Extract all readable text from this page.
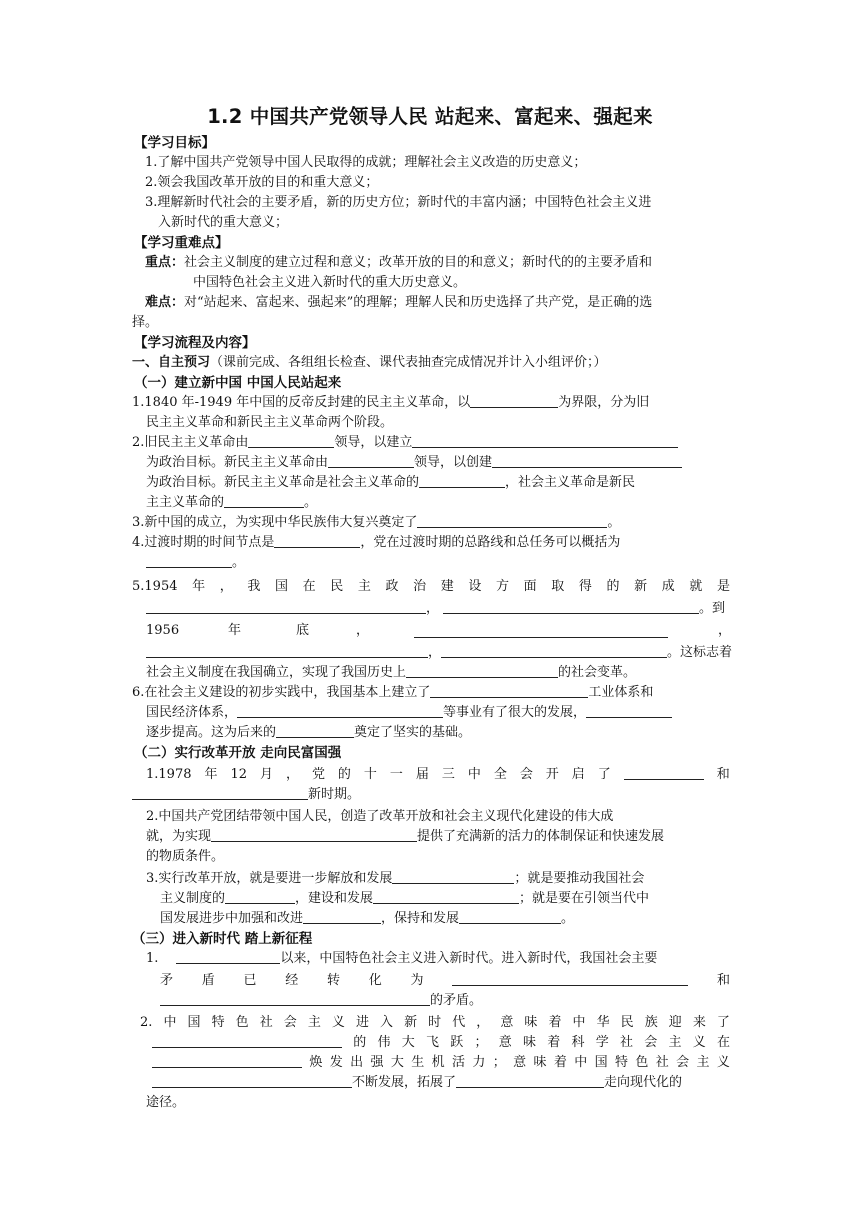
1.2 中国共产党领导人民 站起来、富起来、强起来
【学习目标】
1.了解中国共产党领导中国人民取得的成就；理解社会主义改造的历史意义；
2.领会我国改革开放的目的和重大意义；
3.理解新时代社会的主要矛盾，新的历史方位；新时代的丰富内涵；中国特色社会主义进
入新时代的重大意义；
【学习重难点】
重点：社会主义制度的建立过程和意义；改革开放的目的和意义；新时代的的主要矛盾和
中国特色社会主义进入新时代的重大历史意义。
难点：对“站起来、富起来、强起来”的理解；理解人民和历史选择了共产党，是正确的选
择。
【学习流程及内容】
一、自主预习（课前完成、各组组长检查、课代表抽查完成情况并计入小组评价；）
（一）建立新中国 中国人民站起来
1.1840 年-1949 年中国的反帝反封建的民主主义革命，以	为界限，分为旧
民主主义革命和新民主主义革命两个阶段。
2.旧民主主义革命由	领导，以建立
为政治目标。新民主主义革命由	领导，以创建
为政治目标。新民主主义革命是社会主义革命的	，社会主义革命是新民
主主义革命的	。
3.新中国的成立，为实现中华民族伟大复兴奠定了	。
4.过渡时期的时间节点是	，党在过渡时期的总路线和总任务可以概括为
。
5.1954 年 ， 我 国 在 民 主 政 治 建 设 方 面 取 得 的 新 成 就 是
，	。到
1956	年	底	，	，
，	。这标志着
社会主义制度在我国确立，实现了我国历史上	的社会变革。
6.在社会主义建设的初步实践中，我国基本上建立了	工业体系和
国民经济体系，	等事业有了很大的发展，
逐步提高。这为后来的	奠定了坚实的基础。
（二）实行改革开放 走向民富国强
1.1978 年 12 月 ， 党 的 十 一 届 三 中 全 会 开 启 了	和
新时期。
2.中国共产党团结带领中国人民，创造了改革开放和社会主义现代化建设的伟大成
就，为实现	提供了充满新的活力的体制保证和快速发展
的物质条件。
3.实行改革开放，就是要进一步解放和发展	；就是要推动我国社会
主义制度的	，建设和发展	；就是要在引领当代中
国发展进步中加强和改进	，保持和发展	。
（三）进入新时代 踏上新征程
1.	以来，中国特色社会主义进入新时代。进入新时代，我国社会主要
矛 盾 已 经 转 化 为	和
的矛盾。
2. 中 国 特 色 社 会 主 义 进 入 新 时 代 ， 意 味 着 中 华 民 族 迎 来 了
的 伟 大 飞 跃 ； 意 味 着 科 学 社 会 主 义 在
焕 发 出 强 大 生 机 活 力 ； 意 味 着 中 国 特 色 社 会 主 义
不断发展，拓展了	走向现代化的
途径。
